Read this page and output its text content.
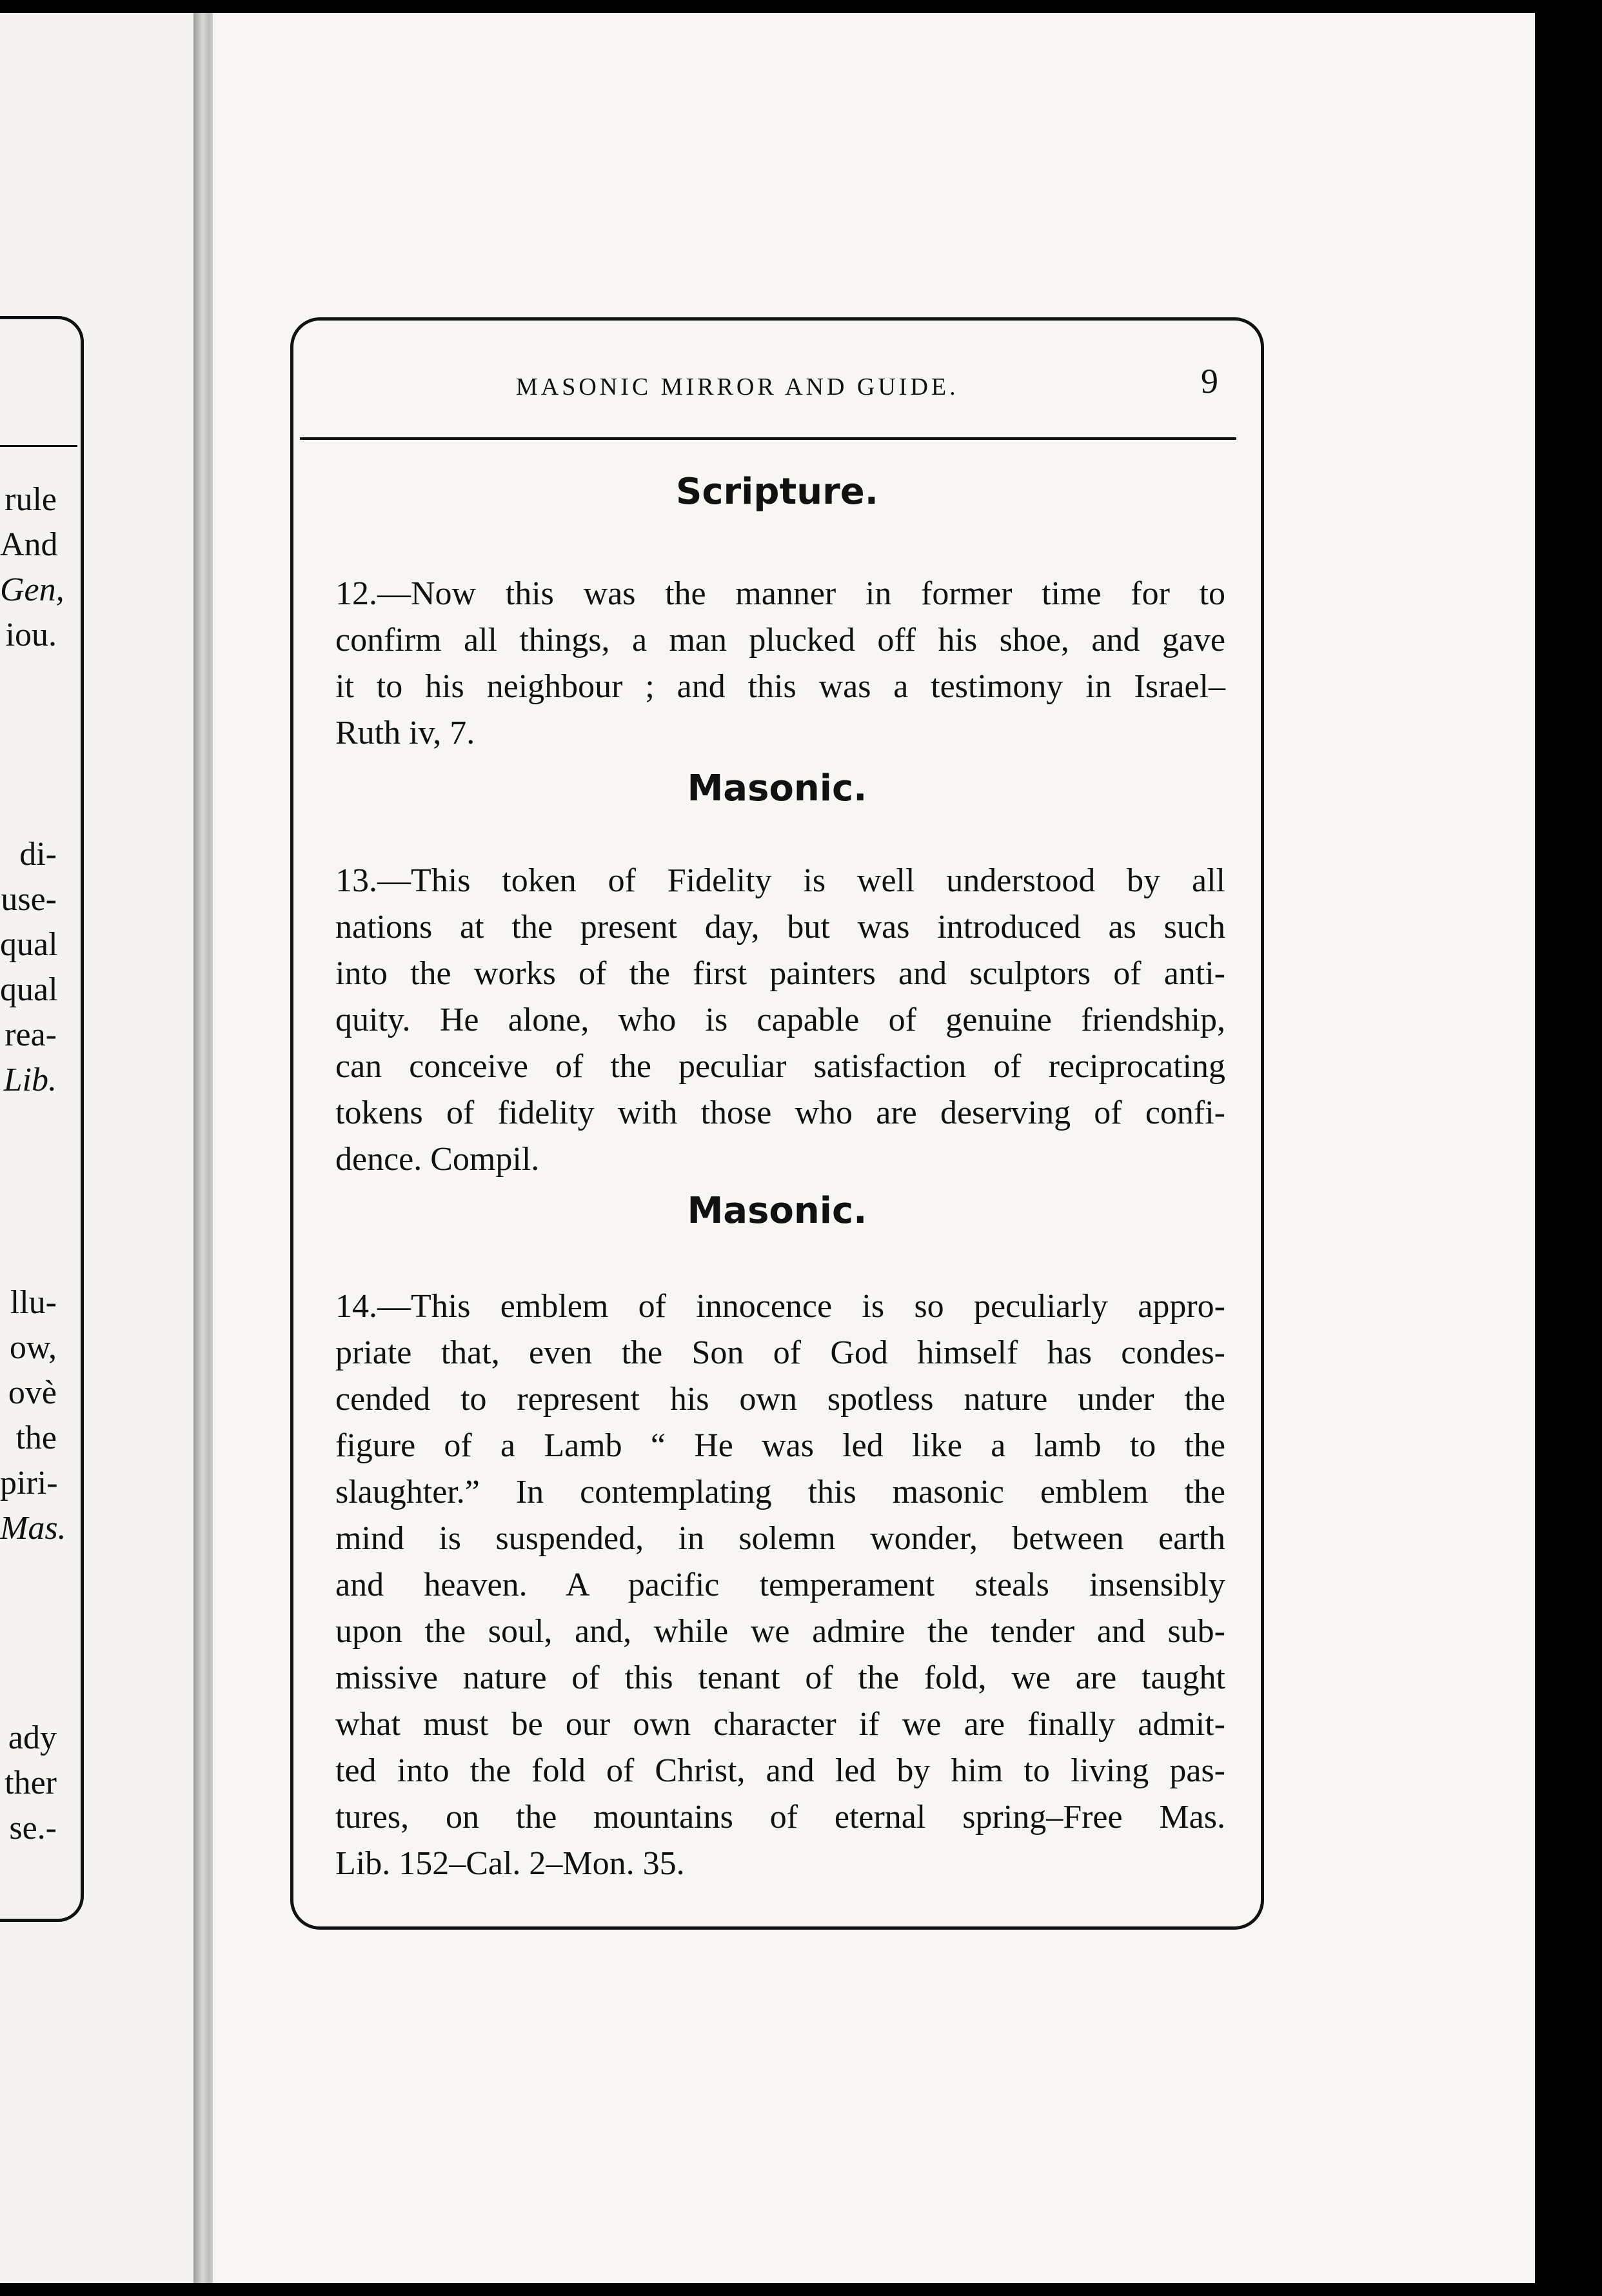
rule
And
Gen,
iou.
di-
use-
qual
qual
rea-
Lib.
llu-
ow,
ovè
the
piri-
Mas.
ady
ther
se.-
MASONIC MIRROR AND GUIDE.	9
Scripture.
12.—Now this was the manner in former time for to
confirm all things, a man plucked off his shoe, and gave
it to his neighbour ; and this was a testimony in Israel–
Ruth iv, 7.
Masonic.
13.—This token of Fidelity is well understood by all
nations at the present day, but was introduced as such
into the works of the first painters and sculptors of anti-
quity. He alone, who is capable of genuine friendship,
can conceive of the peculiar satisfaction of reciprocating
tokens of fidelity with those who are deserving of confi-
dence. Compil.
Masonic.
14.—This emblem of innocence is so peculiarly appro-
priate that, even the Son of God himself has condes-
cended to represent his own spotless nature under the
figure of a Lamb “ He was led like a lamb to the
slaughter.” In contemplating this masonic emblem the
mind is suspended, in solemn wonder, between earth
and heaven. A pacific temperament steals insensibly
upon the soul, and, while we admire the tender and sub-
missive nature of this tenant of the fold, we are taught
what must be our own character if we are finally admit-
ted into the fold of Christ, and led by him to living pas-
tures, on the mountains of eternal spring–Free Mas.
Lib. 152–Cal. 2–Mon. 35.
